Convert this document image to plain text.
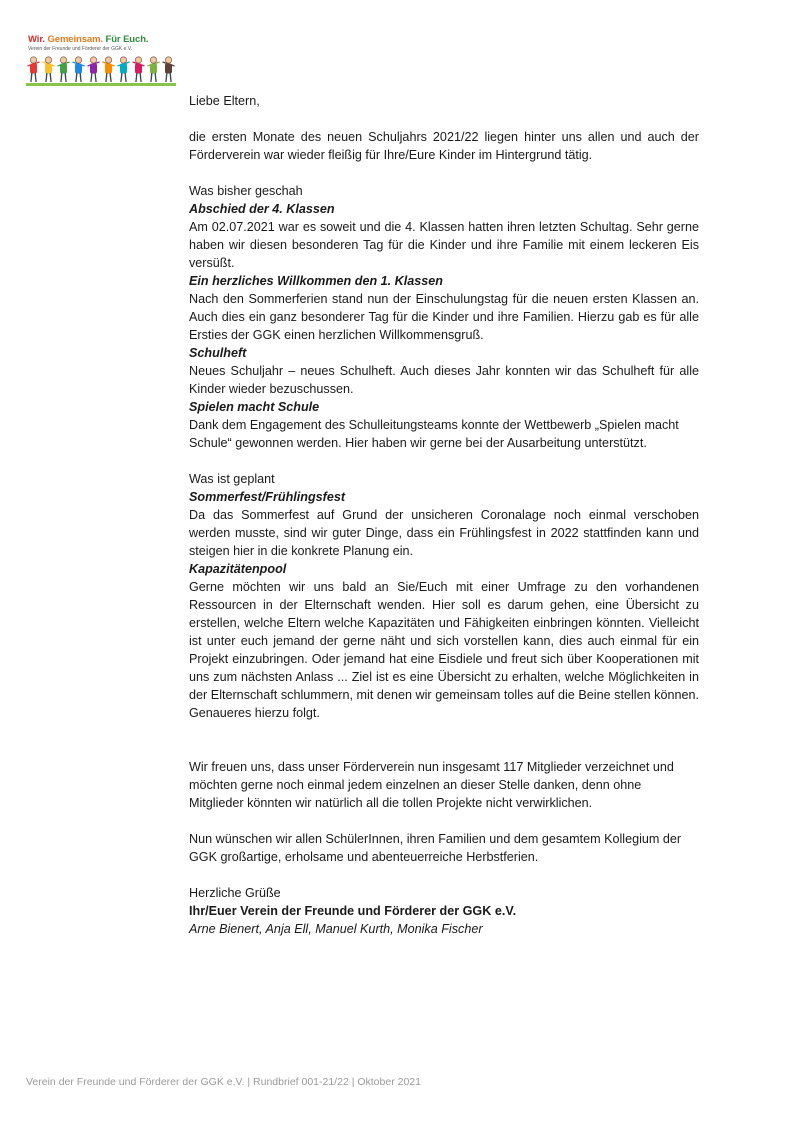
Wir. Gemeinsam. Für Euch.
Verein der Freunde und Förderer der GGK e.V.
Liebe Eltern,

die ersten Monate des neuen Schuljahrs 2021/22 liegen hinter uns allen und auch der Förderverein war wieder fleißig für Ihre/Eure Kinder im Hintergrund tätig.

Was bisher geschah
Abschied der 4. Klassen

Am 02.07.2021 war es soweit und die 4. Klassen hatten ihren letzten Schultag. Sehr gerne haben wir diesen besonderen Tag für die Kinder und ihre Familie mit einem leckeren Eis versüßt.

Ein herzliches Willkommen den 1. Klassen

Nach den Sommerferien stand nun der Einschulungstag für die neuen ersten Klassen an. Auch dies ein ganz besonderer Tag für die Kinder und ihre Familien. Hierzu gab es für alle Ersties der GGK einen herzlichen Willkommensgruß.

Schulheft

Neues Schuljahr – neues Schulheft. Auch dieses Jahr konnten wir das Schulheft für alle Kinder wieder bezuschussen.

Spielen macht Schule

Dank dem Engagement des Schulleitungsteams konnte der Wettbewerb „Spielen macht Schule“ gewonnen werden. Hier haben wir gerne bei der Ausarbeitung unterstützt.

Was ist geplant
Sommerfest/Frühlingsfest

Da das Sommerfest auf Grund der unsicheren Coronalage noch einmal verschoben werden musste, sind wir guter Dinge, dass ein Frühlingsfest in 2022 stattfinden kann und steigen hier in die konkrete Planung ein.

Kapazitätenpool

Gerne möchten wir uns bald an Sie/Euch mit einer Umfrage zu den vorhandenen Ressourcen in der Elternschaft wenden. Hier soll es darum gehen, eine Übersicht zu erstellen, welche Eltern welche Kapazitäten und Fähigkeiten einbringen könnten. Vielleicht ist unter euch jemand der gerne näht und sich vorstellen kann, dies auch einmal für ein Projekt einzubringen. Oder jemand hat eine Eisdiele und freut sich über Kooperationen mit uns zum nächsten Anlass ... Ziel ist es eine Übersicht zu erhalten, welche Möglichkeiten in der Elternschaft schlummern, mit denen wir gemeinsam tolles auf die Beine stellen können. Genaueres hierzu folgt.

Wir freuen uns, dass unser Förderverein nun insgesamt 117 Mitglieder verzeichnet und möchten gerne noch einmal jedem einzelnen an dieser Stelle danken, denn ohne Mitglieder könnten wir natürlich all die tollen Projekte nicht verwirklichen.

Nun wünschen wir allen SchülerInnen, ihren Familien und dem gesamtem Kollegium der GGK großartige, erholsame und abenteuerreiche Herbstferien.

Herzliche Grüße
Ihr/Euer Verein der Freunde und Förderer der GGK e.V.
Arne Bienert, Anja Ell, Manuel Kurth, Monika Fischer
Verein der Freunde und Förderer der GGK e.V. | Rundbrief 001-21/22 | Oktober 2021
